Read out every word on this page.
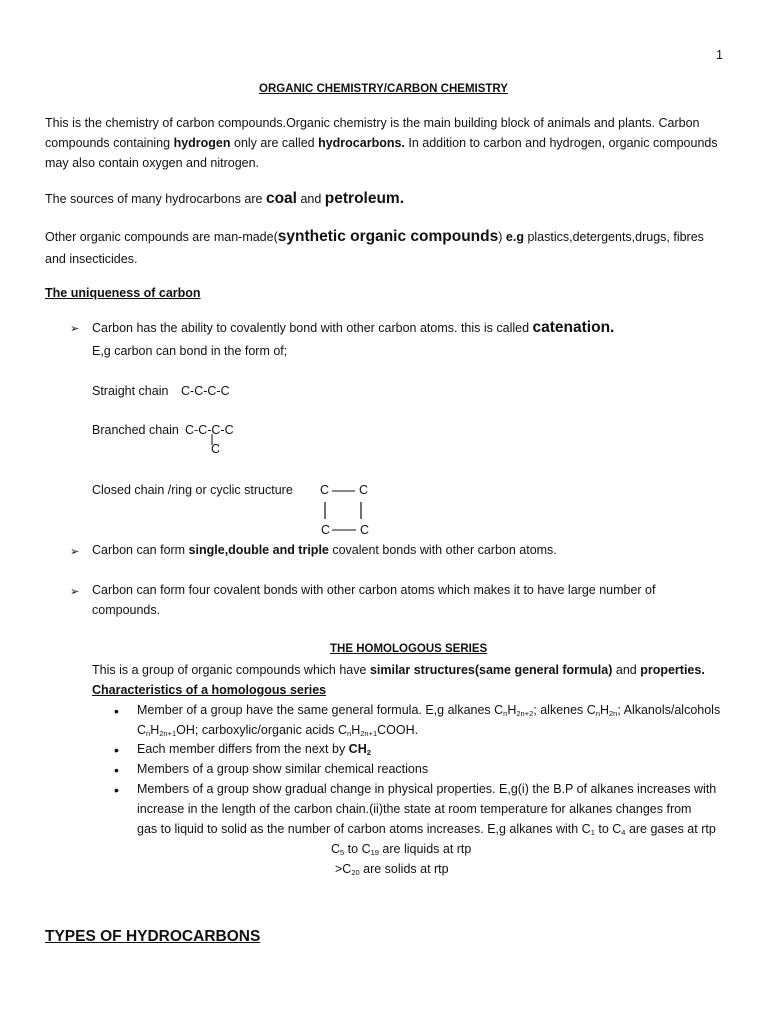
1
ORGANIC CHEMISTRY/CARBON CHEMISTRY
This is the chemistry of carbon compounds.Organic chemistry is the main building block of animals and plants. Carbon
compounds containing hydrogen only are called hydrocarbons. In addition to carbon and hydrogen, organic compounds
may also contain oxygen and nitrogen.
The sources of many hydrocarbons are coal and petroleum.
Other organic compounds are man-made(synthetic organic compounds) e.g plastics,detergents,drugs, fibres
and insecticides.
The uniqueness of carbon
➢ Carbon has the ability to covalently bond with other carbon atoms. this is called catenation.
E,g carbon can bond in the form of;
Straight chain C-C-C-C
Branched chain C-C-C-C
C
Closed chain /ring or cyclic structure C C
C C
➢ Carbon can form single,double and triple covalent bonds with other carbon atoms.
➢ Carbon can form four covalent bonds with other carbon atoms which makes it to have large number of
compounds.
THE HOMOLOGOUS SERIES
This is a group of organic compounds which have similar structures(same general formula) and properties.
Characteristics of a homologous series
• Member of a group have the same general formula. E,g alkanes $C_nH_{2n+2}$; alkenes $C_nH_{2n}$; Alkanols/alcohols
$C_nH_{2n+1}OH$; carboxylic/organic acids $C_nH_{2n+1}COOH$.
• Each member differs from the next by $CH_2$
• Members of a group show similar chemical reactions
• Members of a group show gradual change in physical properties. E,g(i) the B.P of alkanes increases with
increase in the length of the carbon chain.(ii)the state at room temperature for alkanes changes from
gas to liquid to solid as the number of carbon atoms increases. E,g alkanes with $C_1$ to $C_4$ are gases at rtp
$C_5$ to $C_{19}$ are liquids at rtp
$>C_{20}$ are solids at rtp
TYPES OF HYDROCARBONS
